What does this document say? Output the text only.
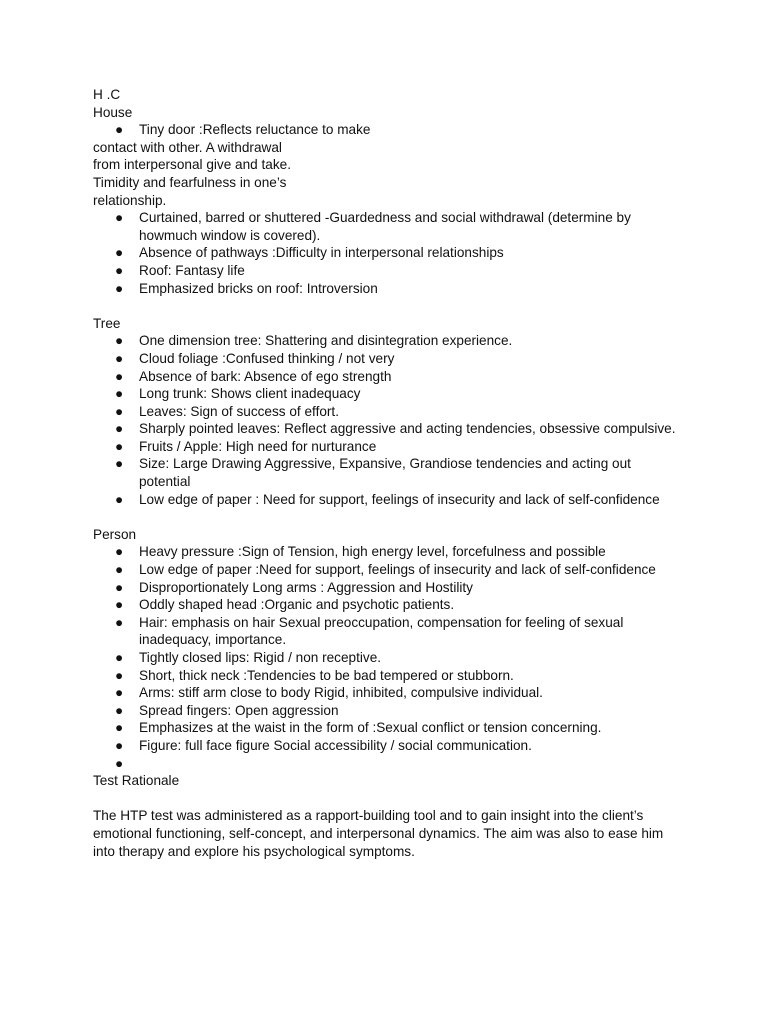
H .C
House
● Tiny door :Reflects reluctance to make
contact with other. A withdrawal
from interpersonal give and take.
Timidity and fearfulness in one’s
relationship.
● Curtained, barred or shuttered -Guardedness and social withdrawal (determine by howmuch window is covered).
● Absence of pathways :Difficulty in interpersonal relationships
● Roof: Fantasy life
● Emphasized bricks on roof: Introversion
Tree
● One dimension tree: Shattering and disintegration experience.
● Cloud foliage :Confused thinking / not very
● Absence of bark: Absence of ego strength
● Long trunk: Shows client inadequacy
● Leaves: Sign of success of effort.
● Sharply pointed leaves: Reflect aggressive and acting tendencies, obsessive compulsive.
● Fruits / Apple: High need for nurturance
● Size: Large Drawing Aggressive, Expansive, Grandiose tendencies and acting out potential
● Low edge of paper : Need for support, feelings of insecurity and lack of self-confidence
Person
● Heavy pressure :Sign of Tension, high energy level, forcefulness and possible
● Low edge of paper :Need for support, feelings of insecurity and lack of self-confidence
● Disproportionately Long arms : Aggression and Hostility
● Oddly shaped head :Organic and psychotic patients.
● Hair: emphasis on hair Sexual preoccupation, compensation for feeling of sexual inadequacy, importance.
● Tightly closed lips: Rigid / non receptive.
● Short, thick neck :Tendencies to be bad tempered or stubborn.
● Arms: stiff arm close to body Rigid, inhibited, compulsive individual.
● Spread fingers: Open aggression
● Emphasizes at the waist in the form of :Sexual conflict or tension concerning.
● Figure: full face figure Social accessibility / social communication.
●
Test Rationale
The HTP test was administered as a rapport-building tool and to gain insight into the client’s emotional functioning, self-concept, and interpersonal dynamics. The aim was also to ease him into therapy and explore his psychological symptoms.
